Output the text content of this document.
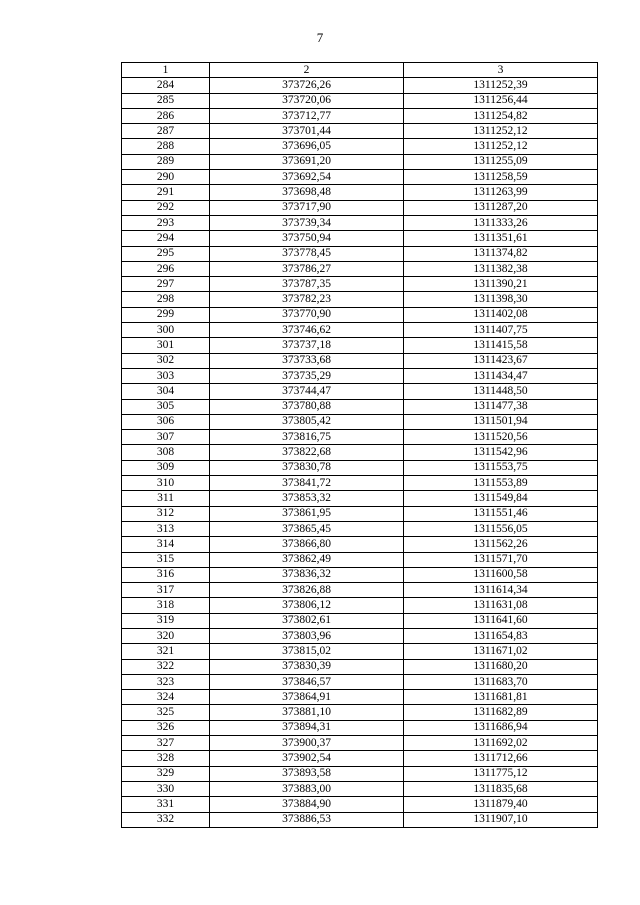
7
1	2	3
284	373726,26	1311252,39
285	373720,06	1311256,44
286	373712,77	1311254,82
287	373701,44	1311252,12
288	373696,05	1311252,12
289	373691,20	1311255,09
290	373692,54	1311258,59
291	373698,48	1311263,99
292	373717,90	1311287,20
293	373739,34	1311333,26
294	373750,94	1311351,61
295	373778,45	1311374,82
296	373786,27	1311382,38
297	373787,35	1311390,21
298	373782,23	1311398,30
299	373770,90	1311402,08
300	373746,62	1311407,75
301	373737,18	1311415,58
302	373733,68	1311423,67
303	373735,29	1311434,47
304	373744,47	1311448,50
305	373780,88	1311477,38
306	373805,42	1311501,94
307	373816,75	1311520,56
308	373822,68	1311542,96
309	373830,78	1311553,75
310	373841,72	1311553,89
311	373853,32	1311549,84
312	373861,95	1311551,46
313	373865,45	1311556,05
314	373866,80	1311562,26
315	373862,49	1311571,70
316	373836,32	1311600,58
317	373826,88	1311614,34
318	373806,12	1311631,08
319	373802,61	1311641,60
320	373803,96	1311654,83
321	373815,02	1311671,02
322	373830,39	1311680,20
323	373846,57	1311683,70
324	373864,91	1311681,81
325	373881,10	1311682,89
326	373894,31	1311686,94
327	373900,37	1311692,02
328	373902,54	1311712,66
329	373893,58	1311775,12
330	373883,00	1311835,68
331	373884,90	1311879,40
332	373886,53	1311907,10
